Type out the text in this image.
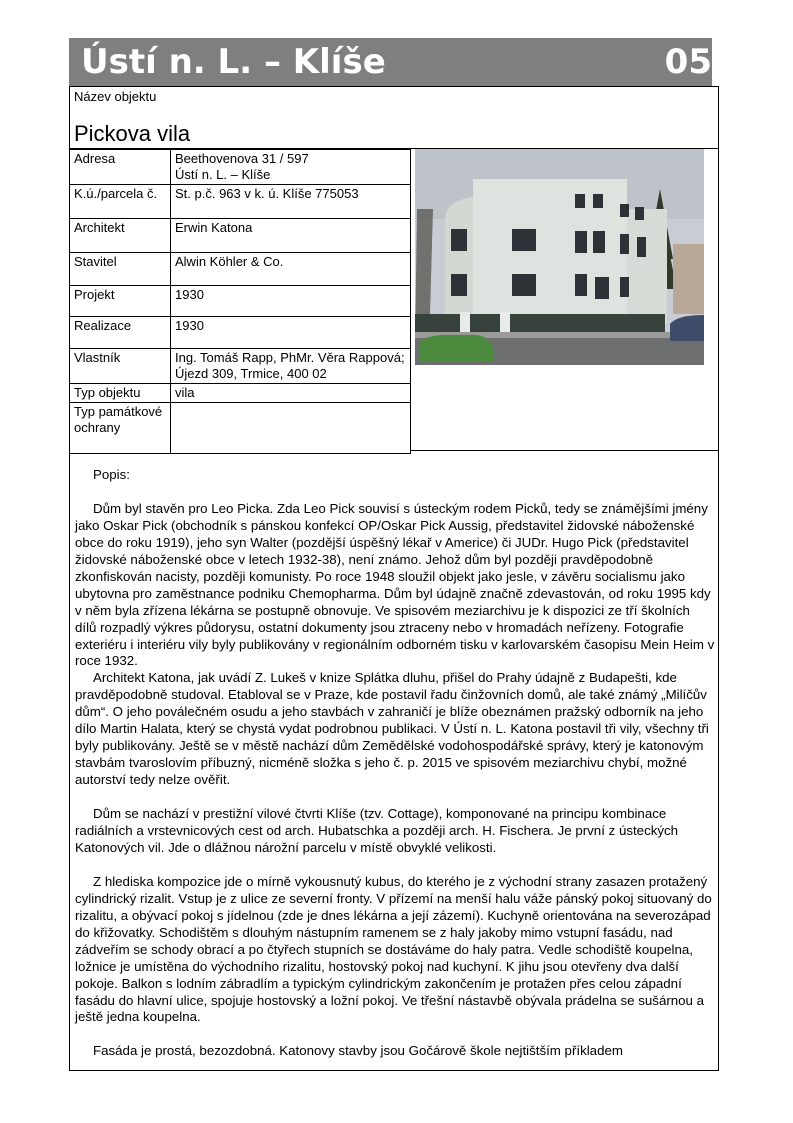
Ústí n. L. – Klíše	05
Název objektu
Pickova vila
Adresa	Beethovenova 31 / 597
Ústí n. L. – Klíše
K.ú./parcela č.	St. p.č. 963 v k. ú. Klíše 775053
Architekt	Erwin Katona
Stavitel	Alwin Köhler & Co.
Projekt	1930
Realizace	1930
Vlastník	Ing. Tomáš Rapp, PhMr. Věra Rappová; Újezd 309, Trmice, 400 02
Typ objektu	vila
Typ památkové ochrany	

Popis:

Dům byl stavěn pro Leo Picka. Zda Leo Pick souvisí s ústeckým rodem Picků, tedy se známějšími jmény jako Oskar Pick (obchodník s pánskou konfekcí OP/Oskar Pick Aussig, představitel židovské náboženské obce do roku 1919), jeho syn Walter (pozdější úspěšný lékař v Americe) či JUDr. Hugo Pick (představitel židovské náboženské obce v letech 1932-38), není známo. Jehož dům byl později pravděpodobně zkonfiskován nacisty, později komunisty. Po roce 1948 sloužil objekt jako jesle, v závěru socialismu jako ubytovna pro zaměstnance podniku Chemopharma. Dům byl údajně značně zdevastován, od roku 1995 kdy v něm byla zřízena lékárna se postupně obnovuje. Ve spisovém meziarchivu je k dispozici ze tří školních dílů rozpadlý výkres půdorysu, ostatní dokumenty jsou ztraceny nebo v hromadách neřízeny. Fotografie exteriéru i interiéru vily byly publikovány v regionálním odborném tisku v karlovarském časopisu Mein Heim v roce 1932.

Architekt Katona, jak uvádí Z. Lukeš v knize Splátka dluhu, přišel do Prahy údajně z Budapešti, kde pravděpodobně studoval. Etabloval se v Praze, kde postavil řadu činžovních domů, ale také známý „Milíčův dům“. O jeho poválečném osudu a jeho stavbách v zahraničí je blíže obeznámen pražský odborník na jeho dílo Martin Halata, který se chystá vydat podrobnou publikaci. V Ústí n. L. Katona postavil tři vily, všechny tři byly publikovány. Ještě se v městě nachází dům Zemědělské vodohospodářské správy, který je katonovým stavbám tvaroslovím příbuzný, nicméně složka s jeho č. p. 2015 ve spisovém meziarchivu chybí, možné autorství tedy nelze ověřit.

Dům se nachází v prestižní vilové čtvrti Klíše (tzv. Cottage), komponované na principu kombinace radiálních a vrstevnicových cest od arch. Hubatschka a později arch. H. Fischera. Je první z ústeckých Katonových vil. Jde o dlážnou nárožní parcelu v místě obvyklé velikosti.

Z hlediska kompozice jde o mírně vykousnutý kubus, do kterého je z východní strany zasazen protažený cylindrický rizalit. Vstup je z ulice ze severní fronty. V přízemí na menší halu váže pánský pokoj situovaný do rizalitu, a obývací pokoj s jídelnou (zde je dnes lékárna a její zázemí). Kuchyně orientována na severozápad do křižovatky. Schodištěm s dlouhým nástupním ramenem se z haly jakoby mimo vstupní fasádu, nad zádveřím se schody obrací a po čtyřech stupních se dostáváme do haly patra. Vedle schodiště koupelna, ložnice je umístěna do východního rizalitu, hostovský pokoj nad kuchyní. K jihu jsou otevřeny dva další pokoje. Balkon s lodním zábradlím a typickým cylindrickým zakončením je protažen přes celou západní fasádu do hlavní ulice, spojuje hostovský a ložní pokoj. Ve třešní nástavbě obývala prádelna se sušárnou a ještě jedna koupelna.

Fasáda je prostá, bezozdobná. Katonovy stavby jsou Gočárově škole nejtištším příkladem
